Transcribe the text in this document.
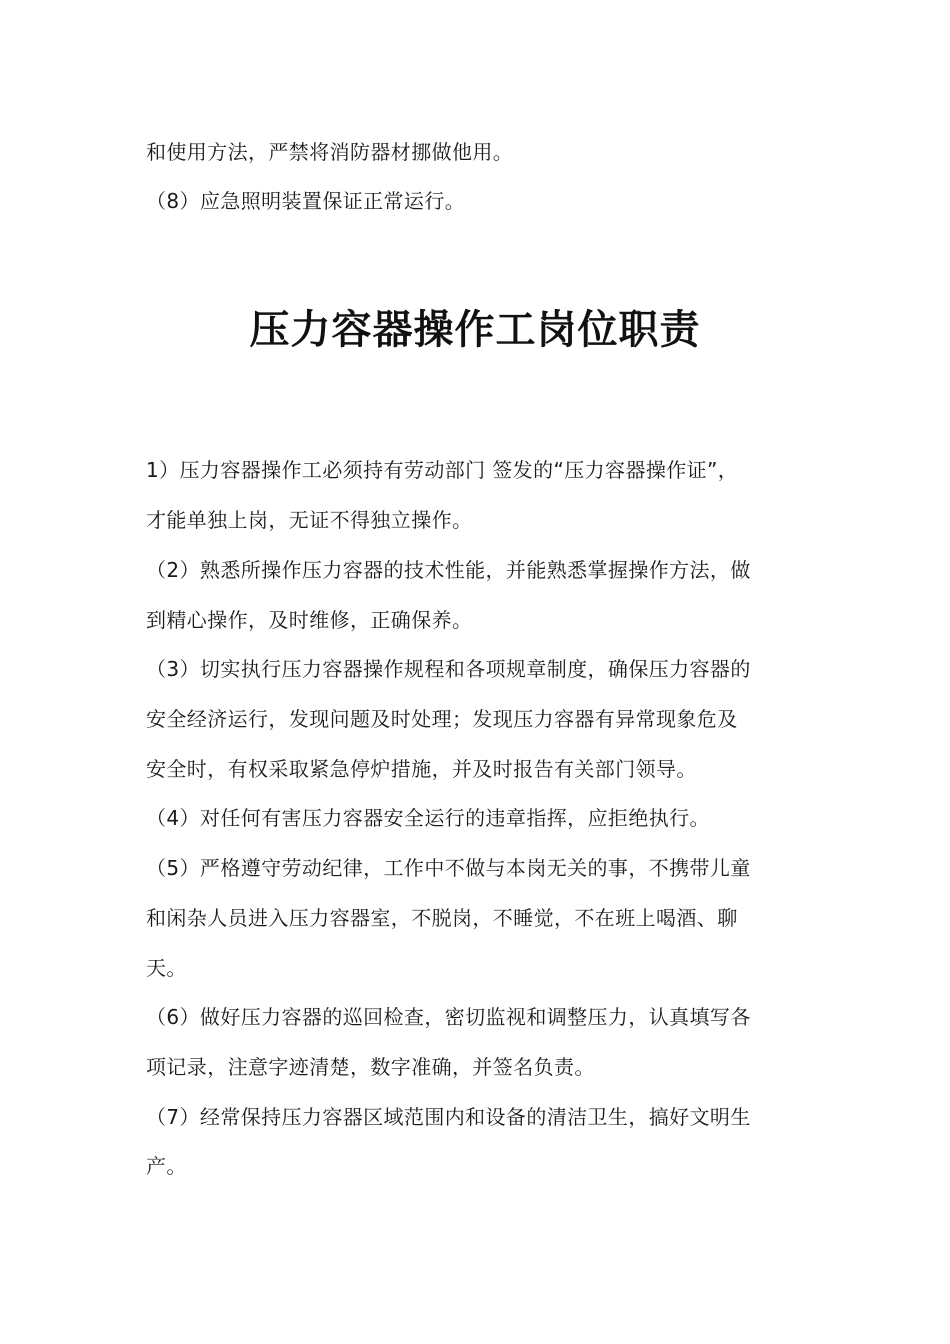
和使用方法，严禁将消防器材挪做他用。
（8）应急照明装置保证正常运行。
压力容器操作工岗位职责
1）压力容器操作工必须持有劳动部门 签发的“压力容器操作证”，
才能单独上岗，无证不得独立操作。
（2）熟悉所操作压力容器的技术性能，并能熟悉掌握操作方法，做
到精心操作，及时维修，正确保养。
（3）切实执行压力容器操作规程和各项规章制度，确保压力容器的
安全经济运行，发现问题及时处理；发现压力容器有异常现象危及
安全时，有权采取紧急停炉措施，并及时报告有关部门领导。
（4）对任何有害压力容器安全运行的违章指挥，应拒绝执行。
（5）严格遵守劳动纪律，工作中不做与本岗无关的事，不携带儿童
和闲杂人员进入压力容器室，不脱岗，不睡觉，不在班上喝酒、聊
天。
（6）做好压力容器的巡回检查，密切监视和调整压力，认真填写各
项记录，注意字迹清楚，数字准确，并签名负责。
（7）经常保持压力容器区域范围内和设备的清洁卫生，搞好文明生
产。
